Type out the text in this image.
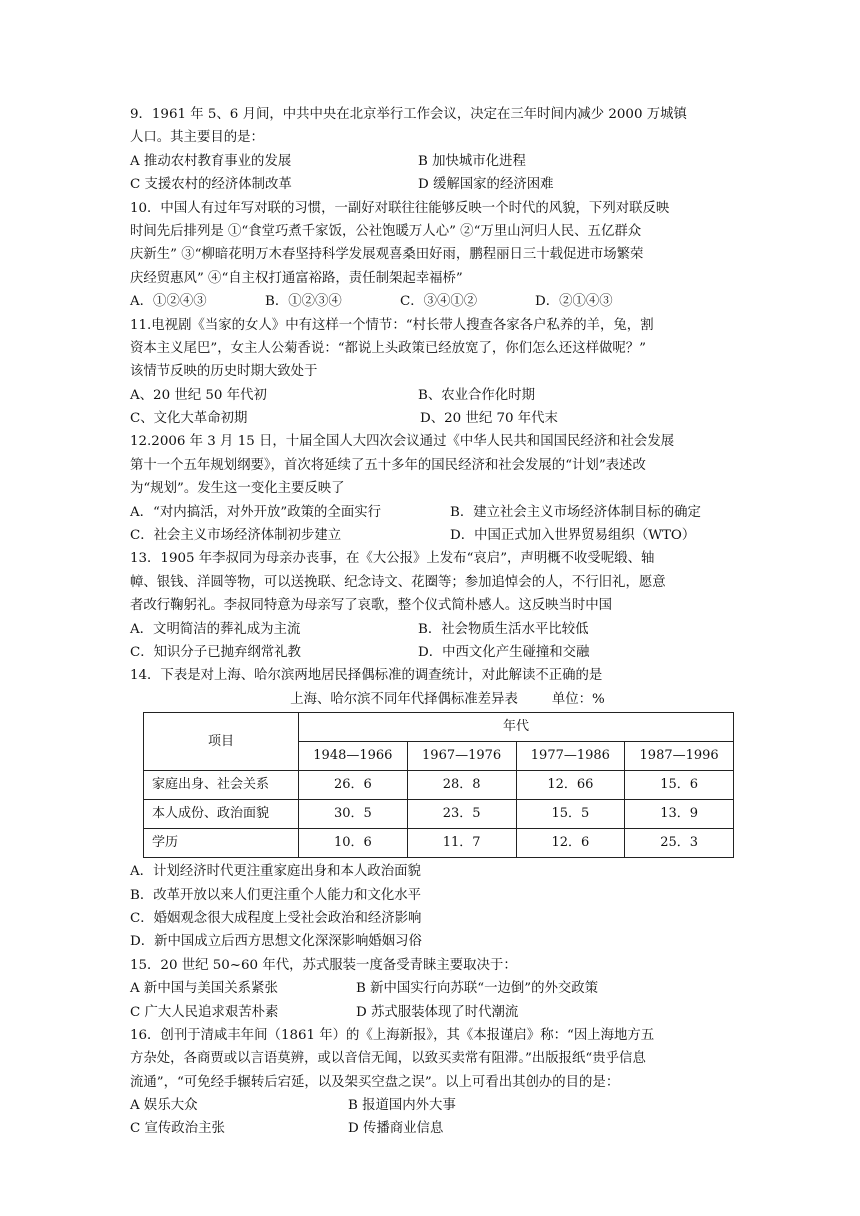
9．1961 年 5、6 月间，中共中央在北京举行工作会议，决定在三年时间内减少 2000 万城镇
人口。其主要目的是：
A 推动农村教育事业的发展	B 加快城市化进程
C 支援农村的经济体制改革	D 缓解国家的经济困难
10．中国人有过年写对联的习惯，一副好对联往往能够反映一个时代的风貌，下列对联反映
时间先后排列是 ①“食堂巧煮千家饭，公社饱暖万人心” ②“万里山河归人民、五亿群众
庆新生” ③“柳暗花明万木春坚持科学发展观喜桑田好雨，鹏程丽日三十载促进市场繁荣
庆经贸惠风” ④“自主权打通富裕路，责任制架起幸福桥”
A．①②④③	B．①②③④	C．③④①②	D．②①④③
11.电视剧《当家的女人》中有这样一个情节：“村长带人搜查各家各户私养的羊，兔，割
资本主义尾巴”，女主人公菊香说：“都说上头政策已经放宽了，你们怎么还这样做呢？”
该情节反映的历史时期大致处于
A、20 世纪 50 年代初	B、农业合作化时期
C、文化大革命初期	D、20 世纪 70 年代末
12.2006 年 3 月 15 日，十届全国人大四次会议通过《中华人民共和国国民经济和社会发展
第十一个五年规划纲要》，首次将延续了五十多年的国民经济和社会发展的“计划”表述改
为“规划”。发生这一变化主要反映了
A．“对内搞活，对外开放”政策的全面实行	B．建立社会主义市场经济体制目标的确定
C．社会主义市场经济体制初步建立	D．中国正式加入世界贸易组织（WTO）
13．1905 年李叔同为母亲办丧事，在《大公报》上发布“哀启”，声明概不收受呢缎、轴
幛、银钱、洋圆等物，可以送挽联、纪念诗文、花圈等；参加追悼会的人，不行旧礼，愿意
者改行鞠躬礼。李叔同特意为母亲写了哀歌，整个仪式简朴感人。这反映当时中国
A．文明简洁的葬礼成为主流	B．社会物质生活水平比较低
C．知识分子已抛弃纲常礼教	D．中西文化产生碰撞和交融
14．下表是对上海、哈尔滨两地居民择偶标准的调查统计，对此解读不正确的是
上海、哈尔滨不同年代择偶标准差异表	单位：%
项目	年代			
	1948—1966	1967—1976	1977—1986	1987—1996
家庭出身、社会关系	26．6	28．8	12．66	15．6
本人成份、政治面貌	30．5	23．5	15．5	13．9
学历	10．6	11．7	12．6	25．3
A．计划经济时代更注重家庭出身和本人政治面貌
B．改革开放以来人们更注重个人能力和文化水平
C．婚姻观念很大成程度上受社会政治和经济影响
D．新中国成立后西方思想文化深深影响婚姻习俗
15．20 世纪 50~60 年代，苏式服装一度备受青睐主要取决于：
A 新中国与美国关系紧张	B 新中国实行向苏联“一边倒”的外交政策
C 广大人民追求艰苦朴素	D 苏式服装体现了时代潮流
16．创刊于清咸丰年间（1861 年）的《上海新报》，其《本报谨启》称：“因上海地方五
方杂处，各商贾或以言语莫辨，或以音信无闻，以致买卖常有阻滞。”出版报纸“贵乎信息
流通”，“可免经手辗转后宕延，以及架买空盘之误”。以上可看出其创办的目的是：
A 娱乐大众	B 报道国内外大事
C 宣传政治主张	D 传播商业信息
